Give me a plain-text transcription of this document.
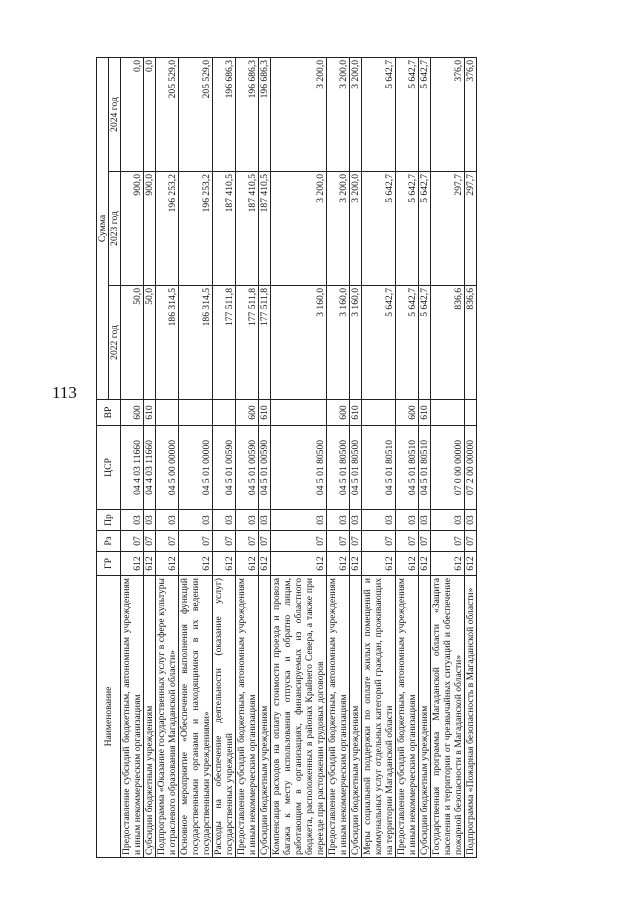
113
Наименование	ГР	Рз	Пр	ЦСР	ВР	Сумма		
						2022 год	2023 год	2024 год
Предоставление субсидий бюджетным, автономным учреждениям и иным некоммерческим организациям	612	07	03	04 4 03 11660	600	50,0	900,0	0,0
Субсидии бюджетным учреждениям	612	07	03	04 4 03 11660	610	50,0	900,0	0,0
Подпрограмма «Оказание государственных услуг в сфере культуры и отраслевого образования Магаданской области»	612	07	03	04 5 00 00000		186 314,5	196 253,2	205 529,0
Основное мероприятие «Обеспечение выполнения функций государственными органами и находящимися в их ведении государственными учреждениями»	612	07	03	04 5 01 00000		186 314,5	196 253,2	205 529,0
Расходы на обеспечение деятельности (оказание услуг) государственных учреждений	612	07	03	04 5 01 00590		177 511,8	187 410,5	196 686,3
Предоставление субсидий бюджетным, автономным учреждениям и иным некоммерческим организациям	612	07	03	04 5 01 00590	600	177 511,8	187 410,5	196 686,3
Субсидии бюджетным учреждениям	612	07	03	04 5 01 00590	610	177 511,8	187 410,5	196 686,3
Компенсация расходов на оплату стоимости проезда и провоза багажа к месту использования отпуска и обратно лицам, работающим в организациях, финансируемых из областного бюджета, расположенных в районах Крайнего Севера, а также при переезде при расторжении трудовых договоров	612	07	03	04 5 01 80500		3 160,0	3 200,0	3 200,0
Предоставление субсидий бюджетным, автономным учреждениям и иным некоммерческим организациям	612	07	03	04 5 01 80500	600	3 160,0	3 200,0	3 200,0
Субсидии бюджетным учреждениям	612	07	03	04 5 01 80500	610	3 160,0	3 200,0	3 200,0
Меры социальной поддержки по оплате жилых помещений и коммунальных услуг отдельных категорий граждан, проживающих на территории Магаданской области	612	07	03	04 5 01 80510		5 642,7	5 642,7	5 642,7
Предоставление субсидий бюджетным, автономным учреждениям и иным некоммерческим организациям	612	07	03	04 5 01 80510	600	5 642,7	5 642,7	5 642,7
Субсидии бюджетным учреждениям	612	07	03	04 5 01 80510	610	5 642,7	5 642,7	5 642,7
Государственная программа Магаданской области «Защита населения и территории от чрезвычайных ситуаций и обеспечение пожарной безопасности в Магаданской области»	612	07	03	07 0 00 00000		836,6	297,7	376,0
Подпрограмма «Пожарная безопасность в Магаданской области»	612	07	03	07 2 00 00000		836,6	297,7	376,0
